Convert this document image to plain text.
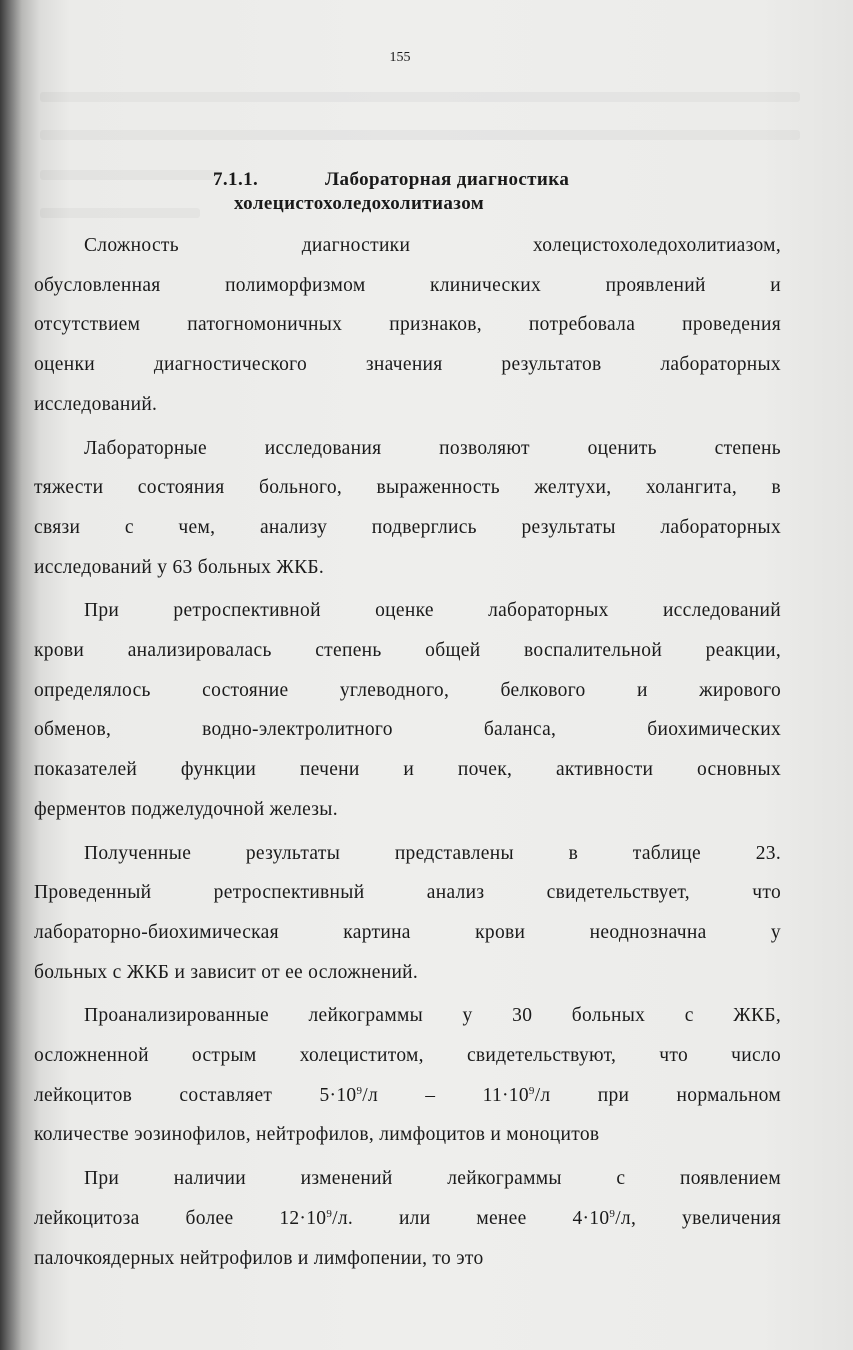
155
7.1.1.	Лабораторная диагностика
холецистохоледохолитиазом

Сложность диагностики холецистохоледохолитиазом,
обусловленная полиморфизмом клинических проявлений и
отсутствием патогномоничных признаков, потребовала проведения
оценки диагностического значения результатов лабораторных
исследований.

Лабораторные исследования позволяют оценить степень
тяжести состояния больного, выраженность желтухи, холангита, в
связи с чем, анализу подверглись результаты лабораторных
исследований у 63 больных ЖКБ.

При ретроспективной оценке лабораторных исследований
крови анализировалась степень общей воспалительной реакции,
определялось состояние углеводного, белкового и жирового
обменов, водно-электролитного баланса, биохимических
показателей функции печени и почек, активности основных
ферментов поджелудочной железы.

Полученные результаты представлены в таблице 23.
Проведенный ретроспективный анализ свидетельствует, что
лабораторно-биохимическая картина крови неоднозначна у
больных с ЖКБ и зависит от ее осложнений.

Проанализированные лейкограммы у 30 больных с ЖКБ,
осложненной острым холециститом, свидетельствуют, что число
лейкоцитов составляет $5\cdot 10^9/л - 11\cdot 10^9/л$ при нормальном
количестве эозинофилов, нейтрофилов, лимфоцитов и моноцитов

При наличии изменений лейкограммы с появлением
лейкоцитоза более $12\cdot 10^9/л$. или менее $4\cdot 10^9/л$, увеличения
палочкоядерных нейтрофилов и лимфопении, то это
